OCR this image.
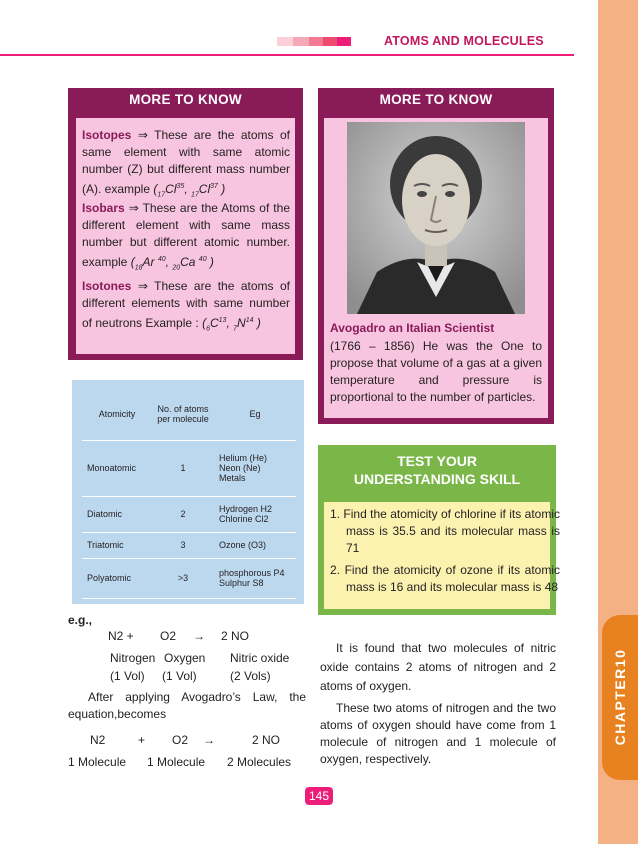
ATOMS AND MOLECULES
CHAPTER10
MORE TO KNOW
Isotopes ⇒ These are the atoms of same element with same atomic number (Z) but different mass number (A). example ($_{17}Cl^{35}$, $_{17}Cl^{37}$ )
Isobars ⇒ These are the Atoms of the different element with same mass number but different atomic number. example ($_{18}Ar$ $^{40}$, $_{20}$Ca $^{40}$ )
Isotones ⇒ These are the atoms of different elements with same number of neutrons Example : ($_6C^{13}$, $_7N^{14}$ )
MORE TO KNOW
Avogadro an Italian Scientist
(1766 – 1856) He was the One to propose that volume of a gas at a given temperature and pressure is proportional to the number of particles.
Atomicity	No. of atoms per molecule	Eg
Monoatomic	1	Helium (He)
Neon (Ne)
Metals

Diatomic	2	Hydrogen H2
Chlorine Cl2

Triatomic	3	Ozone (O3)
Polyatomic	>3	phosphorous P4
Sulphur S8
e.g.,
N2 + O2 → 2 NO
Nitrogen Oxygen Nitric oxide
(1 Vol) (1 Vol)	(2 Vols)
After applying Avogadro’s Law, the equation,becomes
N2	+ O2 →	2 NO
1 Molecule 1 Molecule 2 Molecules
TEST YOUR
UNDERSTANDING SKILL
1. Find the atomicity of chlorine if its atomic mass is 35.5 and its molecular mass is 71
2. Find the atomicity of ozone if its atomic mass is 16 and its molecular mass is 48
It is found that two molecules of nitric oxide contains 2 atoms of nitrogen and 2 atoms of oxygen.
These two atoms of nitrogen and the two atoms of oxygen should have come from 1 molecule of nitrogen and 1 molecule of oxygen, respectively.
145
